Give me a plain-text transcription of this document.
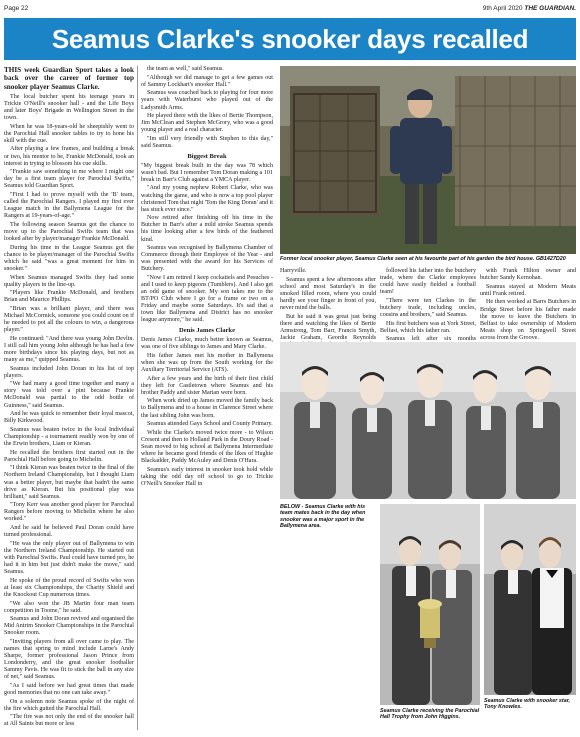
Page 22	9th April 2020 THE GUARDIAN.
Seamus Clarke's snooker days recalled

THIS week Guardian Sport takes a look back over the career of former top snooker player Seamus Clarke.

The local butcher spent his teenage years in Trickie O'Neill's snooker hall - and the Life Boys and later Boys' Brigade in Wellington Street in the town.

When he was 18-years-old he sheepishly went to the Parochial Hall snooker tables to try to hone his skill with the cue.

After playing a few frames, and building a break or two, his mentor to be, Frankie McDonald, took an interest in trying to blossom his cue skills.

"Frankie saw something in me where I might one day be a first team player for Parochial Swifts," Seamus told Guardian Sport.

"First I had to prove myself with the 'B' team, called the Parochial Rangers. I played my first ever League match in the Ballymena League for the Rangers at 19-years-of-age."

The following season Seamus got the chance to move up to the Parochial Swifts team that was looked after by player/manager Frankie McDonald.

During his time in the League Seamus got the chance to be player/manager of the Parochial Swifts which he said "was a great moment for him in snooker."

When Seamus managed Swifts they had some quality players in the line-up.

"Players like Frankie McDonald, and brothers Brian and Maurice Phillips.

"Brian was a brilliant player, and there was Michael McCormick, someone you could count on if he needed to pot all the colours to win, a dangerous player."

He continued: "And there was young John Devlin. I still call him young John although he has had a few more birthdays since his playing days, but not as many as me," quipped Seamus.

Seamus included John Doran in his list of top players.

"We had many a good time together and many a story was told over a pint because Frankie McDonald was partial to the odd bottle of Guinness," said Seamus.

And he was quick to remember their loyal mascot, Billy Kirkwood.

Seamus was beaten twice in the local Individual Championship - a tournament readily won by one of the Erwin brothers, Liam or Kieran.

He recalled the brothers first started out in the Parochial Hall before going to Michelin.

"I think Kieran was beaten twice in the final of the Northern Ireland Championship, but I thought Liam was a better player, but maybe that hadn't the same drive as Kieran. But his positional play was brilliant," said Seamus.

"Tony Kerr was another good player for Parochial Rangers before moving to Michelin where he also worked."

And he said he believed Paul Doran could have turned professional.

"He was the only player out of Ballymena to win the Northern Ireland Championship. He started out with Parochial Swifts. Paul could have turned pro, he had it in him but just didn't make the move," said Seamus.

He spoke of the proud record of Swifts who won at least six Championships, the Charity Shield and the Knockout Cup numerous times.

"We also won the JB Martin four man team competition in Toome," he said.

Seamus and John Doran revived and organised the Mid Antrim Snooker Championships in the Parochial Snooker room.

"Inviting players from all over came to play. The names that spring to mind include Larne's Andy Sharpe, former professional Jason Prince from Londonderry, and the great snooker footballer Sammy Pavis. He was fit to stick the ball in any size of net," said Seamus.

"As I said before we had great times that made good memories that no one can take away."

On a solemn note Seamus spoke of the night of the fire which gutted the Parochial Hall.

"The fire was not only the end of the snooker hall at All Saints but more or less

the team as well," said Seamus.

"Although we did manage to get a few games out of Sammy Lockhart's snooker Hall."

Seamus was coached back to playing for four more years with Waterburst who played out of the Ladysmith Arms.

He played there with the likes of Bertie Thompson, Jim McClean and Stephen McGrory, who was a good young player and a real character.

"Im still very friendly with Stephen to this day," said Seamus.

Biggest Break

"My biggest break built in the day was 78 which wasn't bad. But I remember Tom Doran making a 101 break in Barr's Club against a YMCA player.

"And my young nephew Robert Clarke, who was watching the game, and who is now a top pool player christened Tom that night 'Tom the King Doran' and it has stuck ever since."

Now retired after finishing off his time in the Butcher in Barr's after a mild stroke Seamus spends his time looking after a few birds of the feathered kind.

Seamus was recognised by Ballymena Chamber of Commerce through their Employee of the Year - and was presented with the award for his Services of Butchery.

"Now I am retired I keep cockatiels and Pesuches - and I used to keep pigeons (Tumblers). And I also get an odd game of snooker. My son takes me to the BT/PO Club where I go for a frame or two on a Friday and maybe some Saturdays. It's sad that a town like Ballymena and District has no snooker league anymore," he said.

Denis James Clarke

Denis James Clarke, much better known as Seamus, was one of five siblings to James and Mary Clarke.

His father James met his mother in Ballymena when she was up from the South working for the Auxiliary Territorial Service (ATS).

After a few years and the birth of their first child they left for Castletown where Seamus and his brother Paddy and sister Marian were born.

When work dried up James moved the family back to Ballymena and to a house in Clarence Street where the last sibling John was born.

Seamus attended Gays School and County Primary.

While the Clarke's moved twice more - to Wilson Cresent and then to Holland Park in the Doury Road - Sean moved to big school at Ballymena Intermediate where he became good friends of the likes of Hughie Blackadder, Paddy McAuley and Denis O'Hara.

Seamus's early interest in snooker took hold while taking the odd day off school to go to Trickie O'Neill's Snooker Hall in

Former local snooker player, Seamus Clarke seen at his favourite part of his garden the bird house. GB1427D20

Harryville.

Seamus spent a few afternoons after school and most Saturday's in the smoked filled room, where you could hardly see your finger in front of you, never mind the balls.

But he said it was great just being there and watching the likes of Bertie Armstrong, Tom Barr, Francis Smyth, Jackie Graham, Geordie Reynolds

followed his father into the butchery trade, where the Clarke employees could have easily fielded a football team!

"There were ten Clarkes in the butchery trade, including uncles, cousins and brothers," said Seamus.

His first butchers was at York Street, Belfast, which his father ran.

Seamus left after six months

with Frank Hilton owner and butcher Sandy Kernohan.

Seamus stayed at Modern Meats until Frank retired.

He then worked at Barrs Butchers in Bridge Street before his father made the move to leave the Butchers in Belfast to take ownership of Modern Meats shop on Springwell Street across from the Groove.

BELOW - Seamus Clarke with his team mates back in the day when snooker was a major sport in the Ballymena area.
Seamus Clarke receiving the Parochial Hall Trophy from John Higgins.
Seamus Clarke with snooker star, Tony Knowles.
